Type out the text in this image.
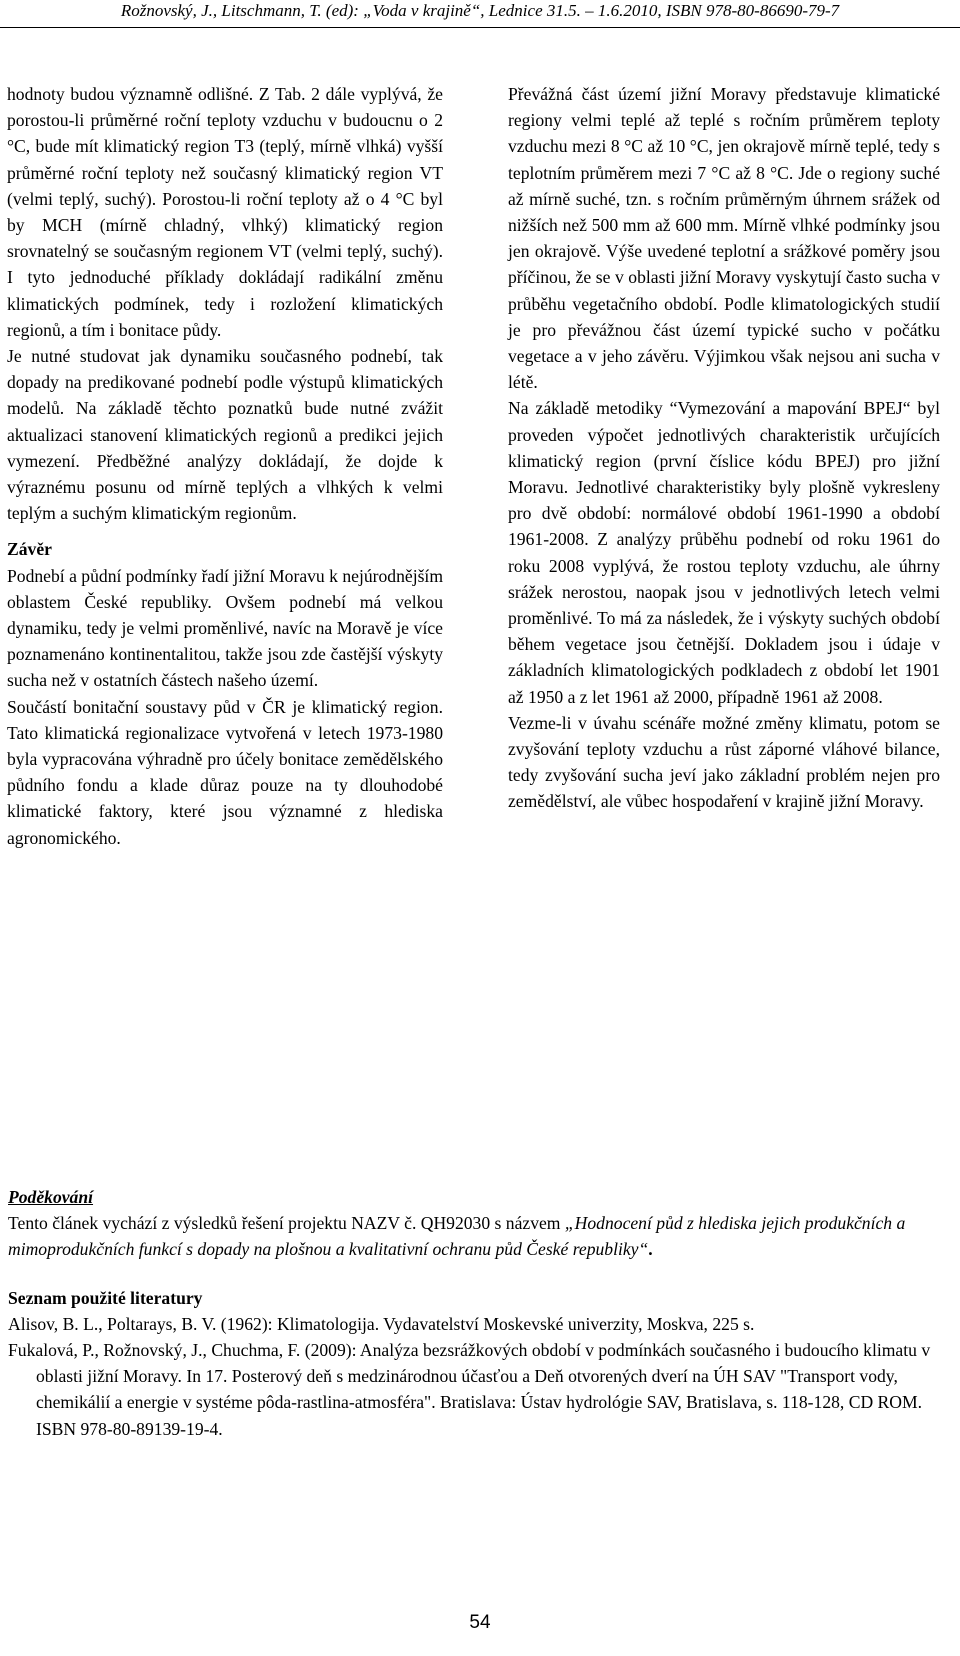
Rožnovský, J., Litschmann, T. (ed): „Voda v krajině“, Lednice 31.5. – 1.6.2010, ISBN 978-80-86690-79-7

hodnoty budou významně odlišné. Z Tab. 2 dále vyplývá, že porostou-li průměrné roční teploty vzduchu v budoucnu o 2 °C, bude mít klimatický region T3 (teplý, mírně vlhká) vyšší průměrné roční teploty než současný klimatický region VT (velmi teplý, suchý). Porostou-li roční teploty až o 4 °C byl by MCH (mírně chladný, vlhký) klimatický region srovnatelný se současným regionem VT (velmi teplý, suchý). I tyto jednoduché příklady dokládají radikální změnu klimatických podmínek, tedy i rozložení klimatických regionů, a tím i bonitace půdy.

Je nutné studovat jak dynamiku současného podnebí, tak dopady na predikované podnebí podle výstupů klimatických modelů. Na základě těchto poznatků bude nutné zvážit aktualizaci stanovení klimatických regionů a predikci jejich vymezení. Předběžné analýzy dokládají, že dojde k výraznému posunu od mírně teplých a vlhkých k velmi teplým a suchým klimatickým regionům.

Závěr

Podnebí a půdní podmínky řadí jižní Moravu k nejúrodnějším oblastem České republiky. Ovšem podnebí má velkou dynamiku, tedy je velmi proměnlivé, navíc na Moravě je více poznamenáno kontinentalitou, takže jsou zde častější výskyty sucha než v ostatních částech našeho území.

Součástí bonitační soustavy půd v ČR je klimatický region. Tato klimatická regionalizace vytvořená v letech 1973-1980 byla vypracována výhradně pro účely bonitace zemědělského půdního fondu a klade důraz pouze na ty dlouhodobé klimatické faktory, které jsou významné z hlediska agronomického.

Převážná část území jižní Moravy představuje klimatické regiony velmi teplé až teplé s ročním průměrem teploty vzduchu mezi 8 °C až 10 °C, jen okrajově mírně teplé, tedy s teplotním průměrem mezi 7 °C až 8 °C. Jde o regiony suché až mírně suché, tzn. s ročním průměrným úhrnem srážek od nižších než 500 mm až 600 mm. Mírně vlhké podmínky jsou jen okrajově. Výše uvedené teplotní a srážkové poměry jsou příčinou, že se v oblasti jižní Moravy vyskytují často sucha v průběhu vegetačního období. Podle klimatologických studií je pro převážnou část území typické sucho v počátku vegetace a v jeho závěru. Výjimkou však nejsou ani sucha v létě.

Na základě metodiky “Vymezování a mapování BPEJ“ byl proveden výpočet jednotlivých charakteristik určujících klimatický region (první číslice kódu BPEJ) pro jižní Moravu. Jednotlivé charakteristiky byly plošně vykresleny pro dvě období: normálové období 1961-1990 a období 1961-2008. Z analýzy průběhu podnebí od roku 1961 do roku 2008 vyplývá, že rostou teploty vzduchu, ale úhrny srážek nerostou, naopak jsou v jednotlivých letech velmi proměnlivé. To má za následek, že i výskyty suchých období během vegetace jsou četnější. Dokladem jsou i údaje v základních klimatologických podkladech z období let 1901 až 1950 a z let 1961 až 2000, případně 1961 až 2008.

Vezme-li v úvahu scénáře možné změny klimatu, potom se zvyšování teploty vzduchu a růst záporné vláhové bilance, tedy zvyšování sucha jeví jako základní problém nejen pro zemědělství, ale vůbec hospodaření v krajině jižní Moravy.

Poděkování

Tento článek vychází z výsledků řešení projektu NAZV č. QH92030 s názvem „Hodnocení půd z hlediska jejich produkčních a mimoprodukčních funkcí s dopady na plošnou a kvalitativní ochranu půd České republiky“.

Seznam použité literatury

Alisov, B. L., Poltarays, B. V. (1962): Klimatologija. Vydavatelství Moskevské univerzity, Moskva, 225 s.

Fukalová, P., Rožnovský, J., Chuchma, F. (2009): Analýza bezsrážkových období v podmínkách současného i budoucího klimatu v oblasti jižní Moravy. In 17. Posterový deň s medzinárodnou účasťou a Deň otvorených dverí na ÚH SAV "Transport vody, chemikálií a energie v systéme pôda-rastlina-atmosféra". Bratislava: Ústav hydrológie SAV, Bratislava, s. 118-128, CD ROM. ISBN 978-80-89139-19-4.

54
